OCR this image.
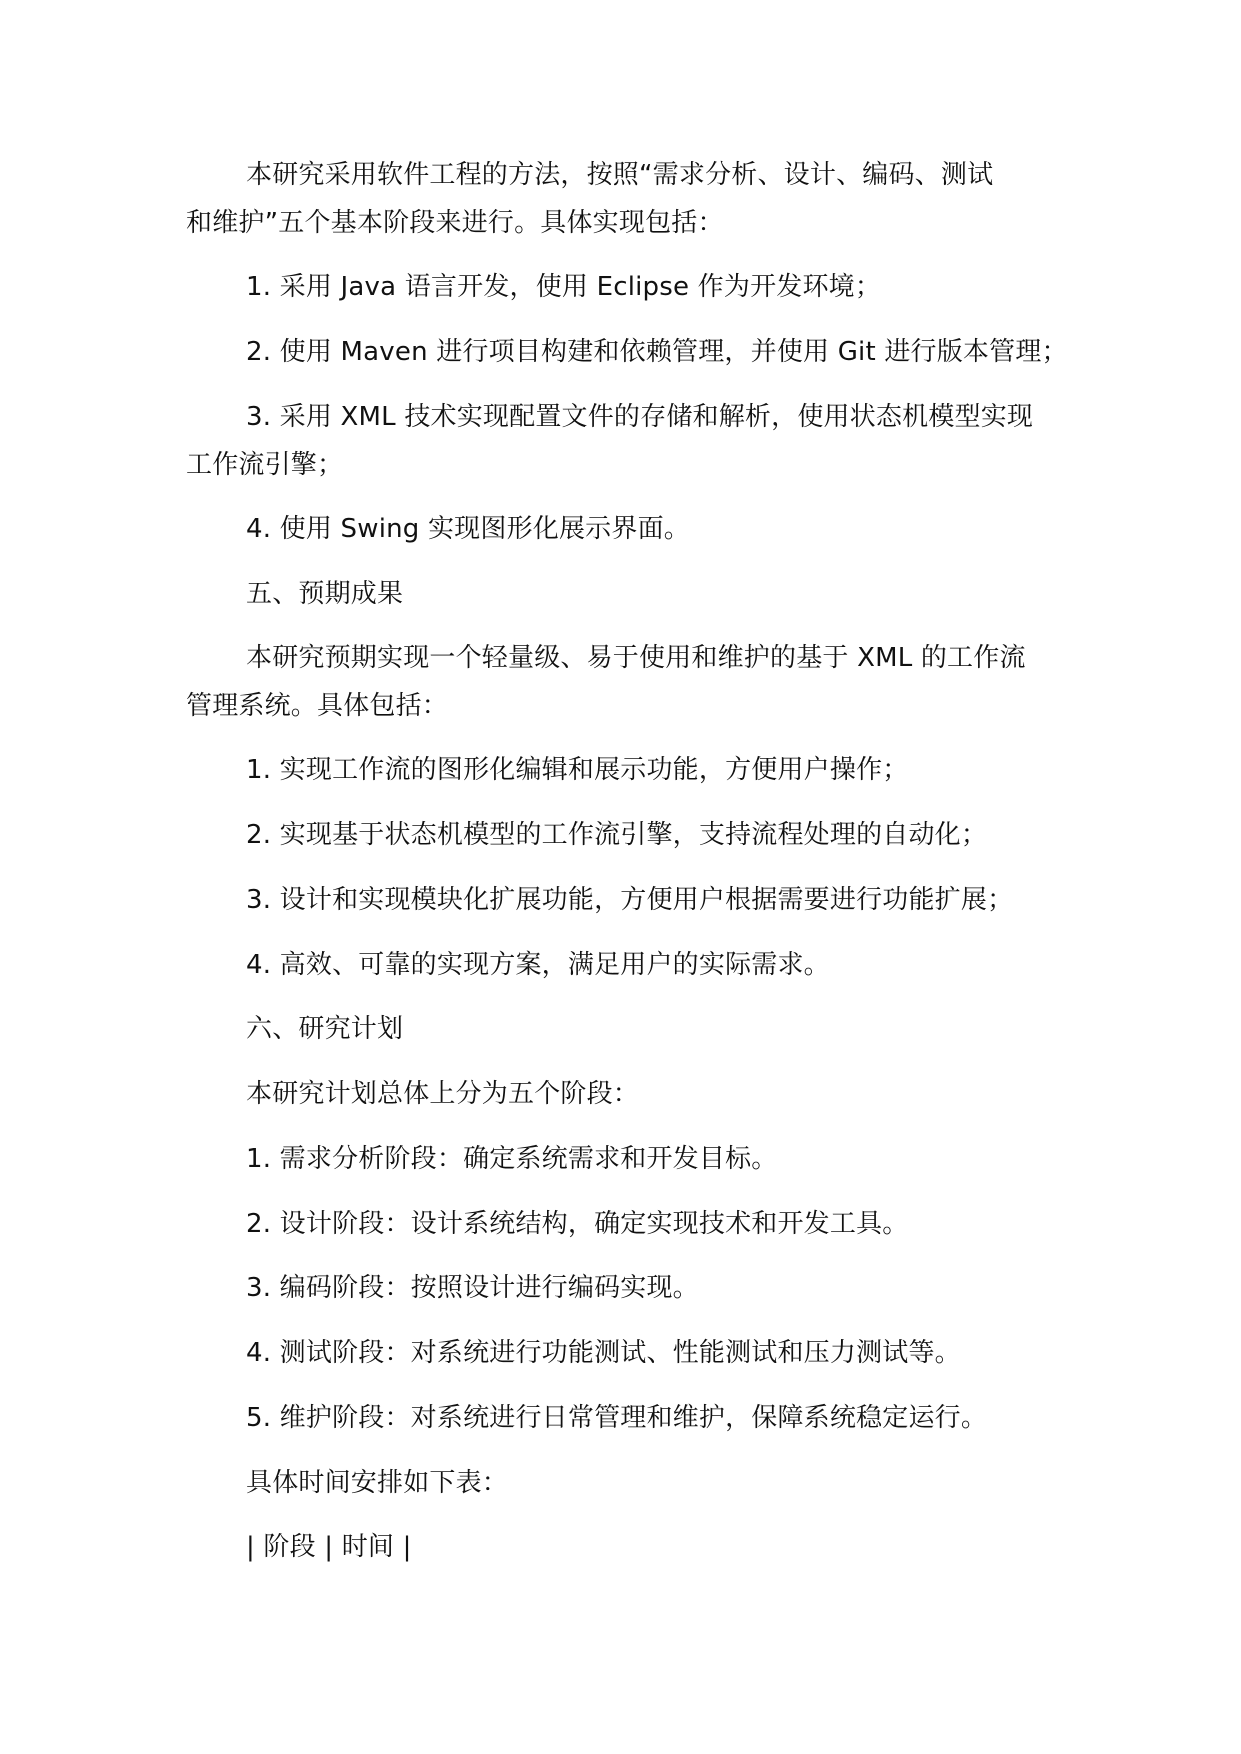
本研究采用软件工程的方法，按照“需求分析、设计、编码、测试
和维护”五个基本阶段来进行。具体实现包括：
1. 采用 Java 语言开发，使用 Eclipse 作为开发环境；
2. 使用 Maven 进行项目构建和依赖管理，并使用 Git 进行版本管理；
3. 采用 XML 技术实现配置文件的存储和解析，使用状态机模型实现
工作流引擎；
4. 使用 Swing 实现图形化展示界面。
五、预期成果
本研究预期实现一个轻量级、易于使用和维护的基于 XML 的工作流
管理系统。具体包括：
1. 实现工作流的图形化编辑和展示功能，方便用户操作；
2. 实现基于状态机模型的工作流引擎，支持流程处理的自动化；
3. 设计和实现模块化扩展功能，方便用户根据需要进行功能扩展；
4. 高效、可靠的实现方案，满足用户的实际需求。
六、研究计划
本研究计划总体上分为五个阶段：
1. 需求分析阶段：确定系统需求和开发目标。
2. 设计阶段：设计系统结构，确定实现技术和开发工具。
3. 编码阶段：按照设计进行编码实现。
4. 测试阶段：对系统进行功能测试、性能测试和压力测试等。
5. 维护阶段：对系统进行日常管理和维护，保障系统稳定运行。
具体时间安排如下表：
| 阶段 | 时间 |
